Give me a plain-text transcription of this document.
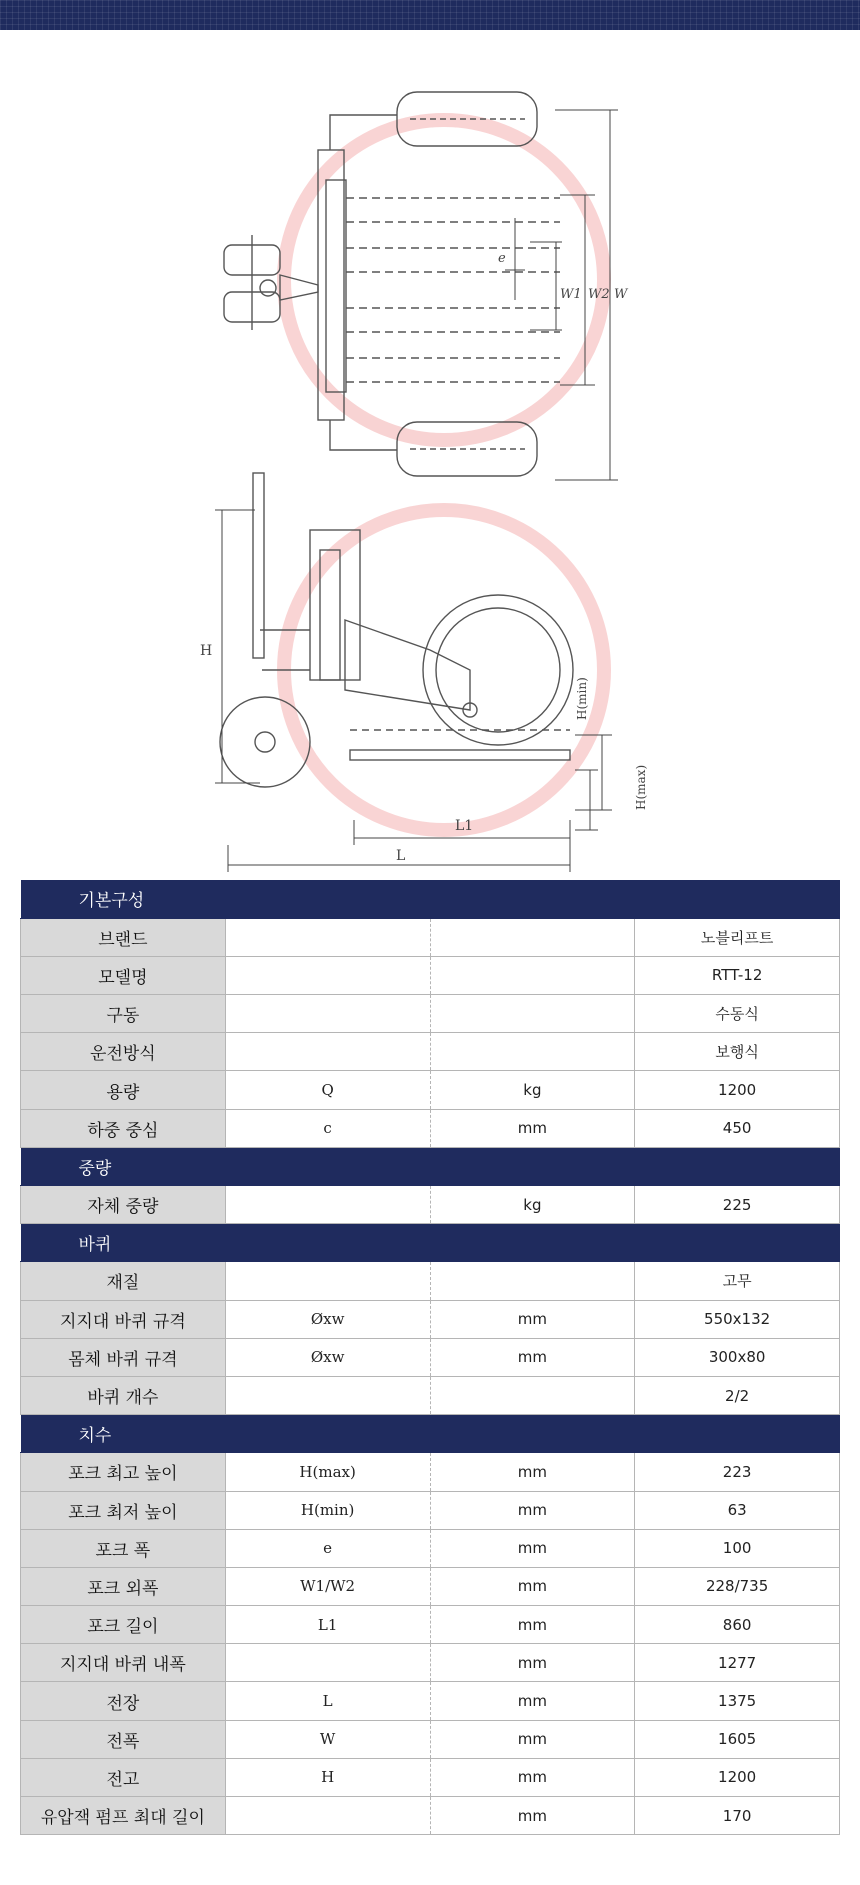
e
W1 W2 W
H
H(min)
H(max)
L1
L
기본구성			
브랜드			노블리프트
모델명			RTT-12
구동			수동식
운전방식			보행식
용량	Q	kg	1200
하중 중심	c	mm	450
중량			
자체 중량		kg	225
바퀴			
재질			고무
지지대 바퀴 규격	Øxw	mm	550x132
몸체 바퀴 규격	Øxw	mm	300x80
바퀴 개수			2/2
치수			
포크 최고 높이	H(max)	mm	223
포크 최저 높이	H(min)	mm	63
포크 폭	e	mm	100
포크 외폭	W1/W2	mm	228/735
포크 길이	L1	mm	860
지지대 바퀴 내폭		mm	1277
전장	L	mm	1375
전폭	W	mm	1605
전고	H	mm	1200
유압잭 펌프 최대 길이		mm	170
